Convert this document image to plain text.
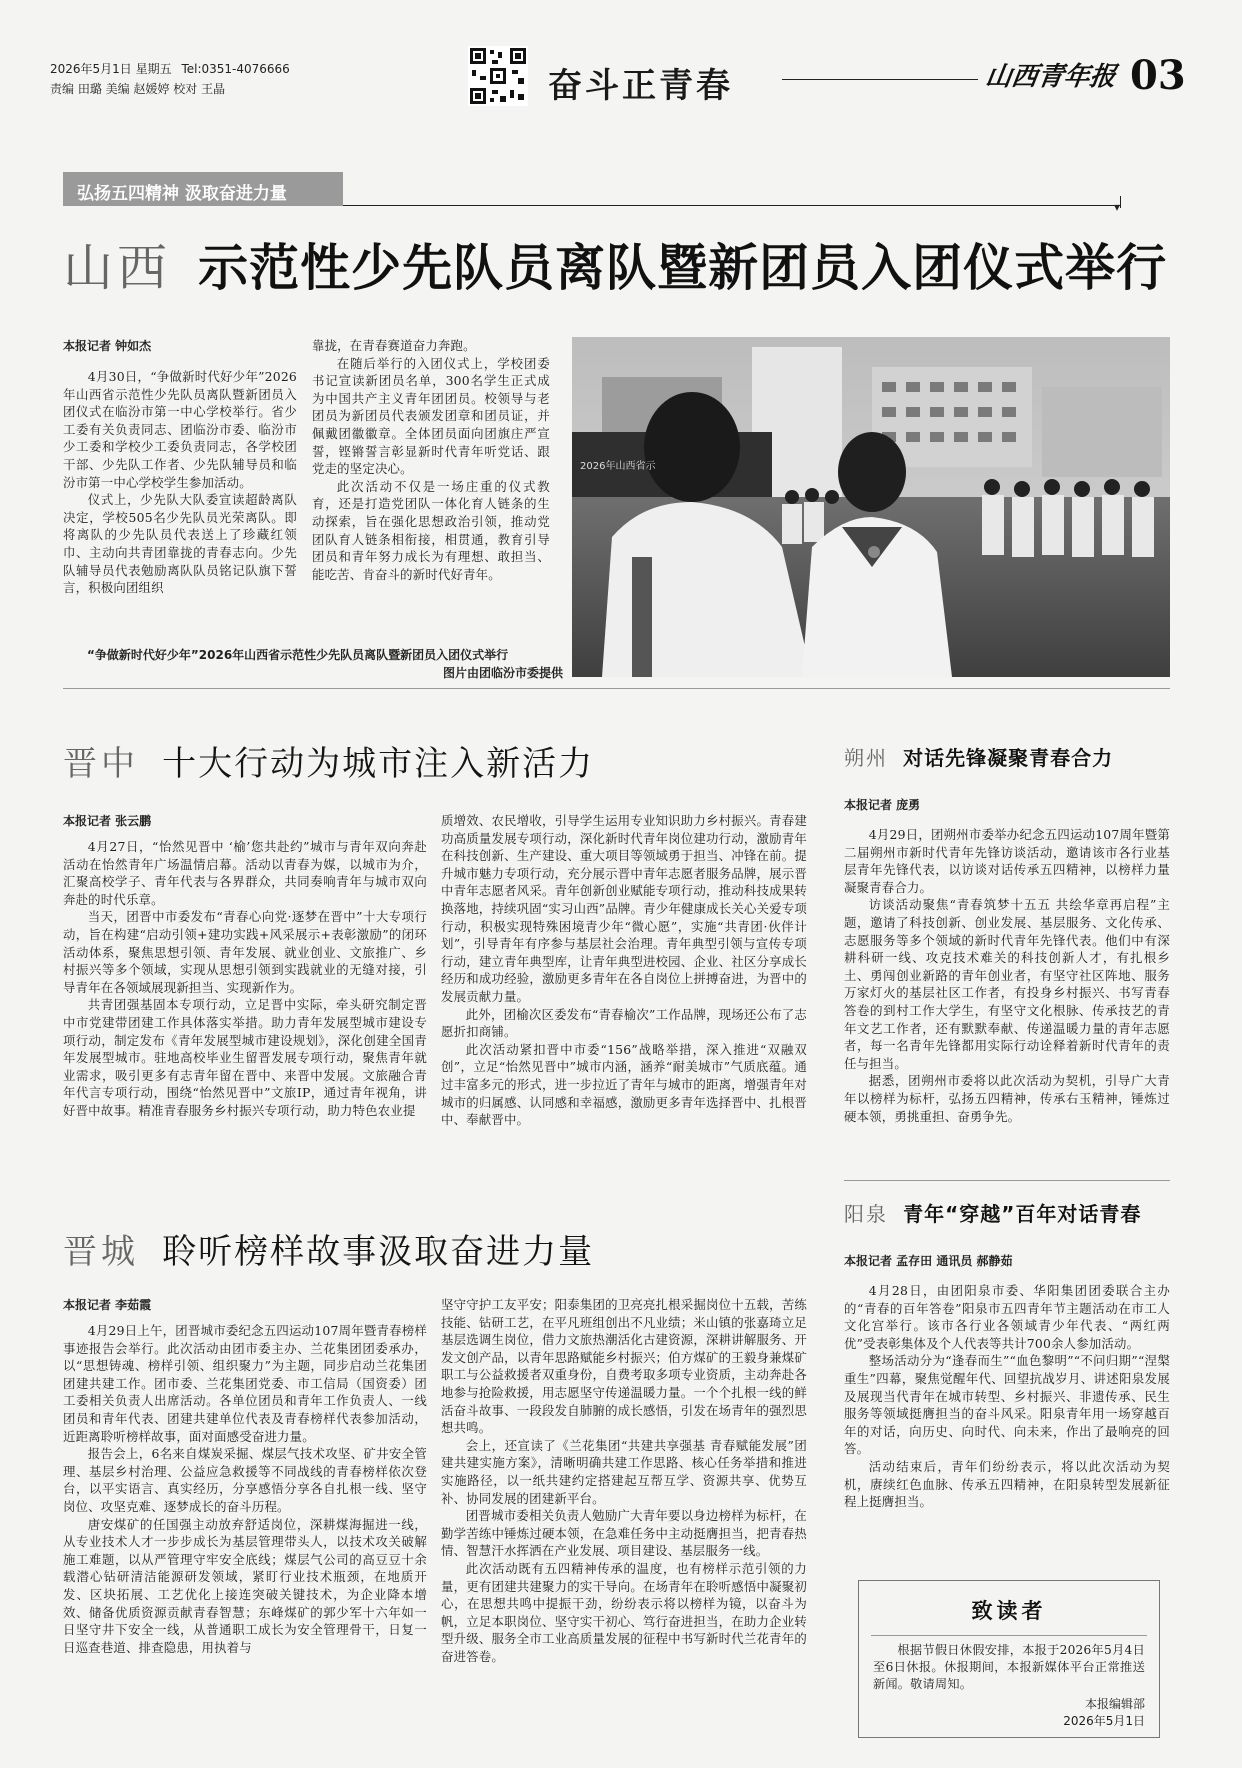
2026年5月1日 星期五 Tel:0351-4076666
责编 田璐 美编 赵媛婷 校对 王晶	奋斗正青春	山西青年报 03
弘扬五四精神 汲取奋进力量
▾
山西 示范性少先队员离队暨新团员入团仪式举行
本报记者 钟如杰

4月30日，“争做新时代好少年”2026年山西省示范性少先队员离队暨新团员入团仪式在临汾市第一中心学校举行。省少工委有关负责同志、团临汾市委、临汾市少工委和学校少工委负责同志，各学校团干部、少先队工作者、少先队辅导员和临汾市第一中心学校学生参加活动。

仪式上，少先队大队委宣读超龄离队决定，学校505名少先队员光荣离队。即将离队的少先队员代表送上了珍藏红领巾、主动向共青团靠拢的青春志向。少先队辅导员代表勉励离队队员铭记队旗下誓言，积极向团组织

靠拢，在青春赛道奋力奔跑。

在随后举行的入团仪式上，学校团委书记宣读新团员名单，300名学生正式成为中国共产主义青年团团员。校领导与老团员为新团员代表颁发团章和团员证，并佩戴团徽徽章。全体团员面向团旗庄严宣誓，铿锵誓言彰显新时代青年听党话、跟党走的坚定决心。

此次活动不仅是一场庄重的仪式教育，还是打造党团队一体化育人链条的生动探索，旨在强化思想政治引领，推动党团队育人链条相衔接，相贯通，教育引导团员和青年努力成长为有理想、敢担当、能吃苦、肯奋斗的新时代好青年。

2026年山西省示
“争做新时代好少年”2026年山西省示范性少先队员离队暨新团员入团仪式举行
图片由团临汾市委提供
晋中 十大行动为城市注入新活力
本报记者 张云鹏

4月27日，“怡然见晋中 ‘榆’您共赴约”城市与青年双向奔赴活动在怡然青年广场温情启幕。活动以青春为媒，以城市为介，汇聚高校学子、青年代表与各界群众，共同奏响青年与城市双向奔赴的时代乐章。

当天，团晋中市委发布“青春心向党·逐梦在晋中”十大专项行动，旨在构建“启动引领+建功实践+风采展示+表彰激励”的闭环活动体系，聚焦思想引领、青年发展、就业创业、文旅推广、乡村振兴等多个领域，实现从思想引领到实践就业的无缝对接，引导青年在各领域展现新担当、实现新作为。

共青团强基固本专项行动，立足晋中实际，牵头研究制定晋中市党建带团建工作具体落实举措。助力青年发展型城市建设专项行动，制定发布《青年发展型城市建设规划》，深化创建全国青年发展型城市。驻地高校毕业生留晋发展专项行动，聚焦青年就业需求，吸引更多有志青年留在晋中、来晋中发展。文旅融合青年代言专项行动，围绕“怡然见晋中”文旅IP，通过青年视角，讲好晋中故事。精准青春服务乡村振兴专项行动，助力特色农业提

质增效、农民增收，引导学生运用专业知识助力乡村振兴。青春建功高质量发展专项行动，深化新时代青年岗位建功行动，激励青年在科技创新、生产建设、重大项目等领域勇于担当、冲锋在前。提升城市魅力专项行动，充分展示晋中青年志愿者服务品牌，展示晋中青年志愿者风采。青年创新创业赋能专项行动，推动科技成果转换落地，持续巩固“实习山西”品牌。青少年健康成长关心关爱专项行动，积极实现特殊困境青少年“微心愿”，实施“共青团·伙伴计划”，引导青年有序参与基层社会治理。青年典型引领与宣传专项行动，建立青年典型库，让青年典型进校园、企业、社区分享成长经历和成功经验，激励更多青年在各自岗位上拼搏奋进，为晋中的发展贡献力量。

此外，团榆次区委发布“青春榆次”工作品牌，现场还公布了志愿折扣商铺。

此次活动紧扣晋中市委“156”战略举措，深入推进“双融双创”，立足“怡然见晋中”城市内涵，涵养“耐美城市”气质底蕴。通过丰富多元的形式，进一步拉近了青年与城市的距离，增强青年对城市的归属感、认同感和幸福感，激励更多青年选择晋中、扎根晋中、奉献晋中。

朔州 对话先锋凝聚青春合力
本报记者 庞勇

4月29日，团朔州市委举办纪念五四运动107周年暨第二届朔州市新时代青年先锋访谈活动，邀请该市各行业基层青年先锋代表，以访谈对话传承五四精神，以榜样力量凝聚青春合力。

访谈活动聚焦“青春筑梦十五五 共绘华章再启程”主题，邀请了科技创新、创业发展、基层服务、文化传承、志愿服务等多个领域的新时代青年先锋代表。他们中有深耕科研一线、攻克技术难关的科技创新人才，有扎根乡土、勇闯创业新路的青年创业者，有坚守社区阵地、服务万家灯火的基层社区工作者，有投身乡村振兴、书写青春答卷的到村工作大学生，有坚守文化根脉、传承技艺的青年文艺工作者，还有默默奉献、传递温暖力量的青年志愿者，每一名青年先锋都用实际行动诠释着新时代青年的责任与担当。

据悉，团朔州市委将以此次活动为契机，引导广大青年以榜样为标杆，弘扬五四精神，传承右玉精神，锤炼过硬本领，勇挑重担、奋勇争先。

晋城 聆听榜样故事汲取奋进力量
本报记者 李茹霞

4月29日上午，团晋城市委纪念五四运动107周年暨青春榜样事迹报告会举行。此次活动由团市委主办、兰花集团团委承办，以“思想铸魂、榜样引领、组织聚力”为主题，同步启动兰花集团团建共建工作。团市委、兰花集团党委、市工信局（国资委）团工委相关负责人出席活动。各单位团员和青年工作负责人、一线团员和青年代表、团建共建单位代表及青春榜样代表参加活动，近距离聆听榜样故事，面对面感受奋进力量。

报告会上，6名来自煤炭采掘、煤层气技术攻坚、矿井安全管理、基层乡村治理、公益应急救援等不同战线的青春榜样依次登台，以平实语言、真实经历，分享感悟分享各自扎根一线、坚守岗位、攻坚克难、逐梦成长的奋斗历程。

唐安煤矿的任国强主动放弃舒适岗位，深耕煤海掘进一线，从专业技术人才一步步成长为基层管理带头人，以技术攻关破解施工难题，以从严管理守牢安全底线；煤层气公司的高豆豆十余载潜心钻研清洁能源研发领域，紧盯行业技术瓶颈，在地质开发、区块拓展、工艺优化上接连突破关键技术，为企业降本增效、储备优质资源贡献青春智慧；东峰煤矿的郭少军十六年如一日坚守井下安全一线，从普通职工成长为安全管理骨干，日复一日巡查巷道、排查隐患，用执着与

坚守守护工友平安；阳泰集团的卫亮亮扎根采掘岗位十五载，苦练技能、钻研工艺，在平凡班组创出不凡业绩；米山镇的张嘉琦立足基层选调生岗位，借力文旅热潮活化古建资源，深耕讲解服务、开发文创产品，以青年思路赋能乡村振兴；伯方煤矿的王毅身兼煤矿职工与公益救援者双重身份，自费考取多项专业资质，主动奔赴各地参与抢险救援，用志愿坚守传递温暖力量。一个个扎根一线的鲜活奋斗故事、一段段发自肺腑的成长感悟，引发在场青年的强烈思想共鸣。

会上，还宣读了《兰花集团“共建共享强基 青春赋能发展”团建共建实施方案》，清晰明确共建工作思路、核心任务举措和推进实施路径，以一纸共建约定搭建起互帮互学、资源共享、优势互补、协同发展的团建新平台。

团晋城市委相关负责人勉励广大青年要以身边榜样为标杆，在勤学苦练中锤炼过硬本领，在急难任务中主动挺膺担当，把青春热情、智慧汗水挥洒在产业发展、项目建设、基层服务一线。

此次活动既有五四精神传承的温度，也有榜样示范引领的力量，更有团建共建聚力的实干导向。在场青年在聆听感悟中凝聚初心，在思想共鸣中提振干劲，纷纷表示将以榜样为镜，以奋斗为帆，立足本职岗位、坚守实干初心、笃行奋进担当，在助力企业转型升级、服务全市工业高质量发展的征程中书写新时代兰花青年的奋进答卷。

阳泉 青年“穿越”百年对话青春
本报记者 孟存田 通讯员 郝静茹

4月28日，由团阳泉市委、华阳集团团委联合主办的“青春的百年答卷”阳泉市五四青年节主题活动在市工人文化宫举行。该市各行业各领域青少年代表、“两红两优”受表彰集体及个人代表等共计700余人参加活动。

整场活动分为“逢春而生”“血色黎明”“不问归期”“涅槃重生”四幕，聚焦觉醒年代、回望抗战岁月、讲述阳泉发展及展现当代青年在城市转型、乡村振兴、非遗传承、民生服务等领域挺膺担当的奋斗风采。阳泉青年用一场穿越百年的对话，向历史、向时代、向未来，作出了最响亮的回答。

活动结束后，青年们纷纷表示，将以此次活动为契机，赓续红色血脉、传承五四精神，在阳泉转型发展新征程上挺膺担当。

致读者
根据节假日休假安排，本报于2026年5月4日至6日休报。休报期间，本报新媒体平台正常推送新闻。敬请周知。
本报编辑部
2026年5月1日
